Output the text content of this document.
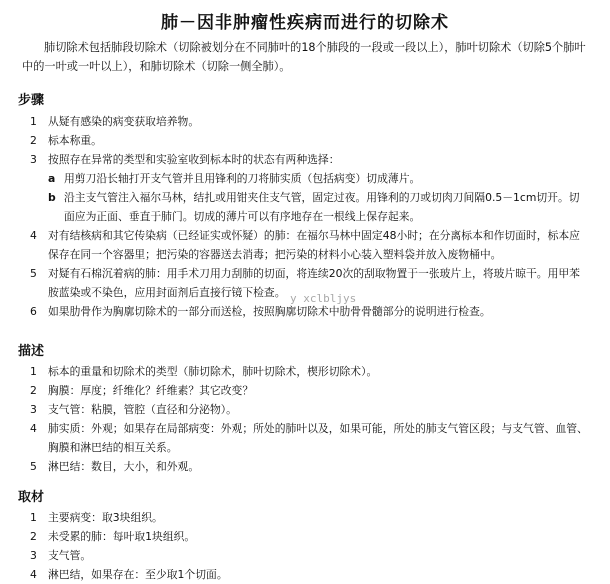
肺－因非肿瘤性疾病而进行的切除术
肺切除术包括肺段切除术（切除被划分在不同肺叶的18个肺段的一段或一段以上），肺叶切除术（切除5个肺叶中的一叶或一叶以上），和肺切除术（切除一侧全肺）。
步骤
1	从疑有感染的病变获取培养物。
2	标本称重。
3	按照存在异常的类型和实验室收到标本时的状态有两种选择：
a 用剪刀沿长轴打开支气管并且用锋利的刀将肺实质（包括病变）切成薄片。
b 沿主支气管注入福尔马林，结扎或用钳夹住支气管，固定过夜。用锋利的刀或切肉刀间隔0.5－1cm切开。切面应为正面、垂直于肺门。切成的薄片可以有序地存在一根线上保存起来。
4	对有结核病和其它传染病（已经证实或怀疑）的肺：在福尔马林中固定48小时；在分离标本和作切面时，标本应保存在同一个容器里；把污染的容器送去消毒；把污染的材料小心装入塑料袋并放入废物桶中。
5	对疑有石棉沉着病的肺：用手术刀用力刮肺的切面，将连续20次的刮取物置于一张玻片上，将玻片晾干。用甲苯胺蓝染或不染色，应用封面剂后直接行镜下检查。
6	如果肋骨作为胸廓切除术的一部分而送检，按照胸廓切除术中肋骨骨髓部分的说明进行检查。
y xclbljys
描述
1	标本的重量和切除术的类型（肺切除术，肺叶切除术，楔形切除术）。
2	胸膜：厚度；纤维化？纤维素？其它改变？
3	支气管：粘膜，管腔（直径和分泌物）。
4	肺实质：外观；如果存在局部病变：外观；所处的肺叶以及，如果可能，所处的肺支气管区段；与支气管、血管、胸膜和淋巴结的相互关系。
5	淋巴结：数目，大小，和外观。
取材
1	主要病变：取3块组织。
2	未受累的肺：每叶取1块组织。
3	支气管。
4	淋巴结，如果存在：至少取1个切面。
